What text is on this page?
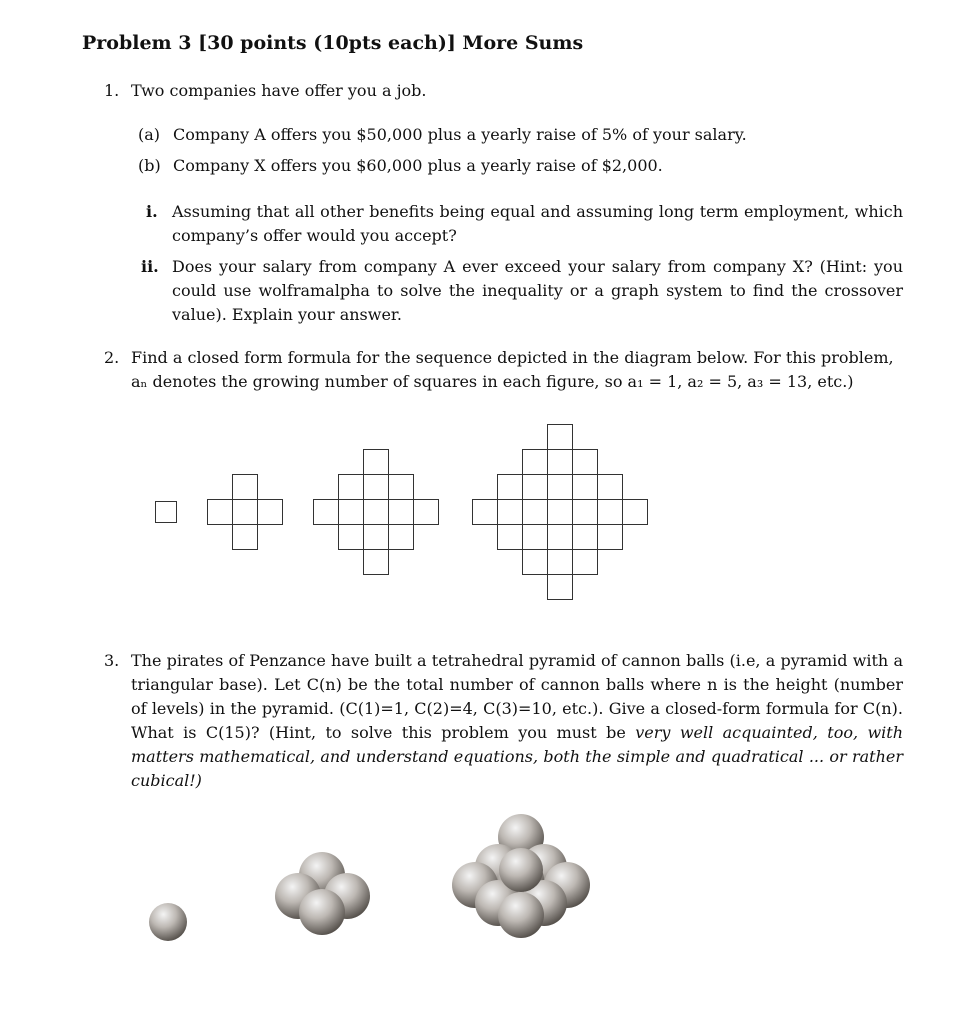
Problem 3 [30 points (10pts each)] More Sums
1. Two companies have offer you a job.
(a) Company A offers you $50,000 plus a yearly raise of 5% of your salary.
(b) Company X offers you $60,000 plus a yearly raise of $2,000.
i. Assuming that all other benefits being equal and assuming long term employment, which company’s offer would you accept?
ii. Does your salary from company A ever exceed your salary from company X? (Hint: you could use wolframalpha to solve the inequality or a graph system to find the crossover value). Explain your answer.
2. Find a closed form formula for the sequence depicted in the diagram below. For this problem,
aₙ denotes the growing number of squares in each figure, so a₁ = 1, a₂ = 5, a₃ = 13, etc.)
3. The pirates of Penzance have built a tetrahedral pyramid of cannon balls (i.e, a pyramid with a triangular base). Let C(n) be the total number of cannon balls where n is the height (number of levels) in the pyramid. (C(1)=1, C(2)=4, C(3)=10, etc.). Give a closed-form formula for C(n). What is C(15)? (Hint, to solve this problem you must be very well acquainted, too, with matters mathematical, and understand equations, both the simple and quadratical ... or rather cubical!)
